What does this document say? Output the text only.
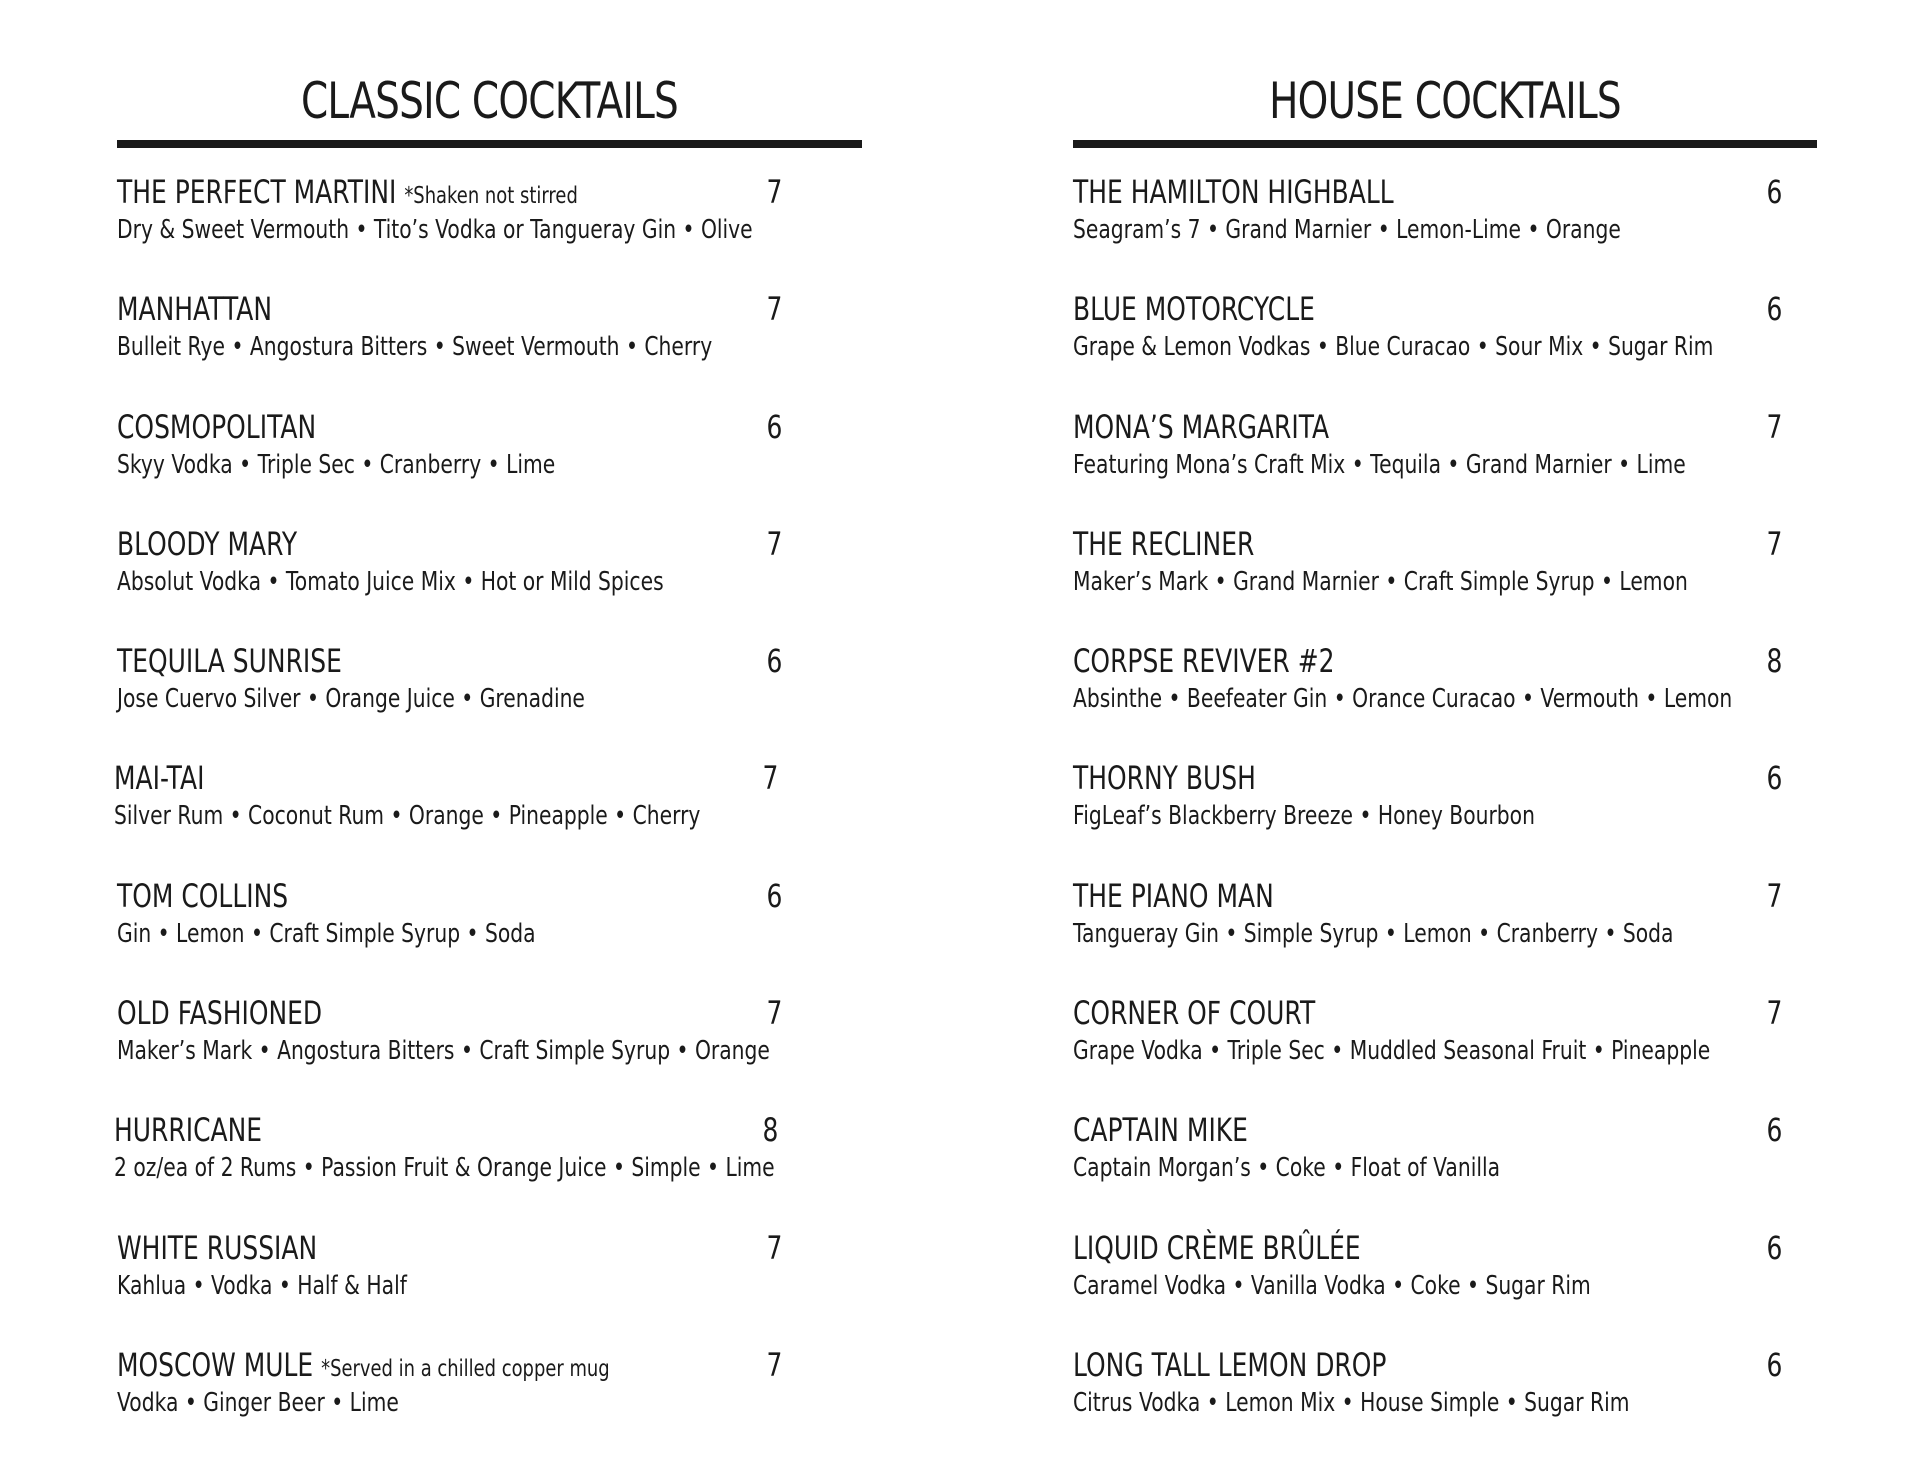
CLASSIC COCKTAILS
THE PERFECT MARTINI *Shaken not stirred	7
Dry & Sweet Vermouth • Tito’s Vodka or Tangueray Gin • Olive
MANHATTAN	7
Bulleit Rye • Angostura Bitters • Sweet Vermouth • Cherry
COSMOPOLITAN	6
Skyy Vodka • Triple Sec • Cranberry • Lime
BLOODY MARY	7
Absolut Vodka • Tomato Juice Mix • Hot or Mild Spices
TEQUILA SUNRISE	6
Jose Cuervo Silver • Orange Juice • Grenadine
MAI-TAI	7
Silver Rum • Coconut Rum • Orange • Pineapple • Cherry
TOM COLLINS	6
Gin • Lemon • Craft Simple Syrup • Soda
OLD FASHIONED	7
Maker’s Mark • Angostura Bitters • Craft Simple Syrup • Orange
HURRICANE	8
2 oz/ea of 2 Rums • Passion Fruit & Orange Juice • Simple • Lime
WHITE RUSSIAN	7
Kahlua • Vodka • Half & Half
MOSCOW MULE *Served in a chilled copper mug	7
Vodka • Ginger Beer • Lime
HOUSE COCKTAILS
THE HAMILTON HIGHBALL	6
Seagram’s 7 • Grand Marnier • Lemon-Lime • Orange
BLUE MOTORCYCLE	6
Grape & Lemon Vodkas • Blue Curacao • Sour Mix • Sugar Rim
MONA’S MARGARITA	7
Featuring Mona’s Craft Mix • Tequila • Grand Marnier • Lime
THE RECLINER	7
Maker’s Mark • Grand Marnier • Craft Simple Syrup • Lemon
CORPSE REVIVER #2	8
Absinthe • Beefeater Gin • Orance Curacao • Vermouth • Lemon
THORNY BUSH	6
FigLeaf’s Blackberry Breeze • Honey Bourbon
THE PIANO MAN	7
Tangueray Gin • Simple Syrup • Lemon • Cranberry • Soda
CORNER OF COURT	7
Grape Vodka • Triple Sec • Muddled Seasonal Fruit • Pineapple
CAPTAIN MIKE	6
Captain Morgan’s • Coke • Float of Vanilla
LIQUID CRÈME BRÛLÉE	6
Caramel Vodka • Vanilla Vodka • Coke • Sugar Rim
LONG TALL LEMON DROP	6
Citrus Vodka • Lemon Mix • House Simple • Sugar Rim
